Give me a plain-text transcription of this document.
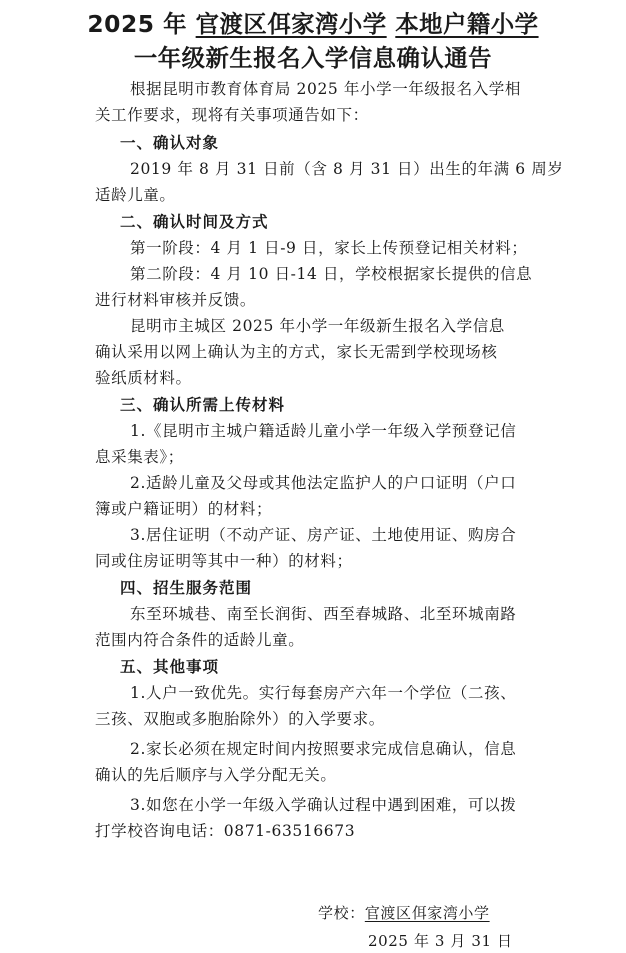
2025 年 官渡区佴家湾小学 本地户籍小学
一年级新生报名入学信息确认通告
根据昆明市教育体育局 2025 年小学一年级报名入学相
关工作要求，现将有关事项通告如下：
一、确认对象
2019 年 8 月 31 日前（含 8 月 31 日）出生的年满 6 周岁
适龄儿童。
二、确认时间及方式
第一阶段：4 月 1 日-9 日，家长上传预登记相关材料；
第二阶段：4 月 10 日-14 日，学校根据家长提供的信息
进行材料审核并反馈。
昆明市主城区 2025 年小学一年级新生报名入学信息
确认采用以网上确认为主的方式，家长无需到学校现场核
验纸质材料。
三、确认所需上传材料
1.《昆明市主城户籍适龄儿童小学一年级入学预登记信
息采集表》；
2.适龄儿童及父母或其他法定监护人的户口证明（户口
簿或户籍证明）的材料；
3.居住证明（不动产证、房产证、土地使用证、购房合
同或住房证明等其中一种）的材料；
四、招生服务范围
东至环城巷、南至长润街、西至春城路、北至环城南路
范围内符合条件的适龄儿童。
五、其他事项
1.人户一致优先。实行每套房产六年一个学位（二孩、
三孩、双胞或多胞胎除外）的入学要求。
2.家长必须在规定时间内按照要求完成信息确认，信息
确认的先后顺序与入学分配无关。
3.如您在小学一年级入学确认过程中遇到困难，可以拨
打学校咨询电话：0871-63516673
学校：官渡区佴家湾小学
2025 年 3 月 31 日
